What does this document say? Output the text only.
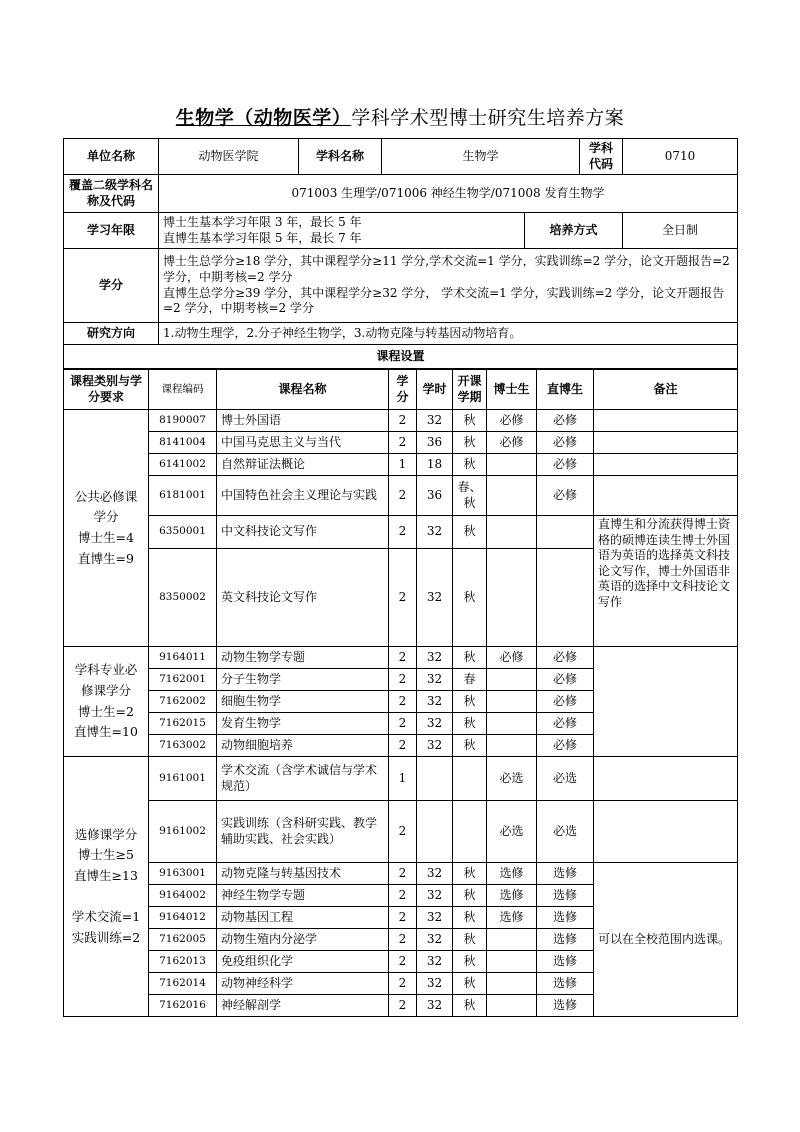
生物学（动物医学）学科学术型博士研究生培养方案
单位名称	动物医学院	学科名称	生物学		学科代码	0710
覆盖二级学科名称及代码	071003 生理学/071006 神经生物学/071008 发育生物学					
学习年限	博士生基本学习年限 3 年，最长 5 年
直博生基本学习年限 5 年，最长 7 年			培养方式		全日制
学分	博士生总学分≥18 学分，其中课程学分≥11 学分,学术交流=1 学分，实践训练=2 学分，论文开题报告=2 学分，中期考核=2 学分
直博生总学分≥39 学分，其中课程学分≥32 学分， 学术交流=1 学分，实践训练=2 学分，论文开题报告=2 学分，中期考核=2 学分					

研究方向	1.动物生理学，2.分子神经生物学，3.动物克隆与转基因动物培育。					
课程设置						
课程类别与学分要求	课程编码	课程名称	学分	学时	开课学期	博士生	直博生	备注

公共必修课
学分
博士生=4
直博生=9	8190007	博士外国语	2	32	秋	必修	必修	
	8141004	中国马克思主义与当代	2	36	秋	必修	必修	
	6141002	自然辩证法概论	1	18	秋		必修	
	6181001	中国特色社会主义理论与实践	2	36	春、秋		必修	
	6350001	中文科技论文写作	2	32	秋			直博生和分流获得博士资格的硕博连读生博士外国语为英语的选择英文科技论文写作，博士外国语非英语的选择中文科技论文写作
	8350002	英文科技论文写作	2	32	秋			

学科专业必
修课学分
博士生=2
直博生=10	9164011	动物生物学专题	2	32	秋	必修	必修	
	7162001	分子生物学	2	32	春		必修	
	7162002	细胞生物学	2	32	秋		必修	
	7162015	发育生物学	2	32	秋		必修	
	7163002	动物细胞培养	2	32	秋		必修	

选修课学分
博士生≥5
直博生≥13

学术交流=1
实践训练=2	9161001	学术交流（含学术诚信与学术规范）	1			必选	必选	
	9161002	实践训练（含科研实践、教学辅助实践、社会实践）	2			必选	必选	
	9163001	动物克隆与转基因技术	2	32	秋	选修	选修	可以在全校范围内选课。
	9164002	神经生物学专题	2	32	秋	选修	选修	
	9164012	动物基因工程	2	32	秋	选修	选修	
	7162005	动物生殖内分泌学	2	32	秋		选修	
	7162013	免疫组织化学	2	32	秋		选修	
	7162014	动物神经科学	2	32	秋		选修	
	7162016	神经解剖学	2	32	秋		选修	
